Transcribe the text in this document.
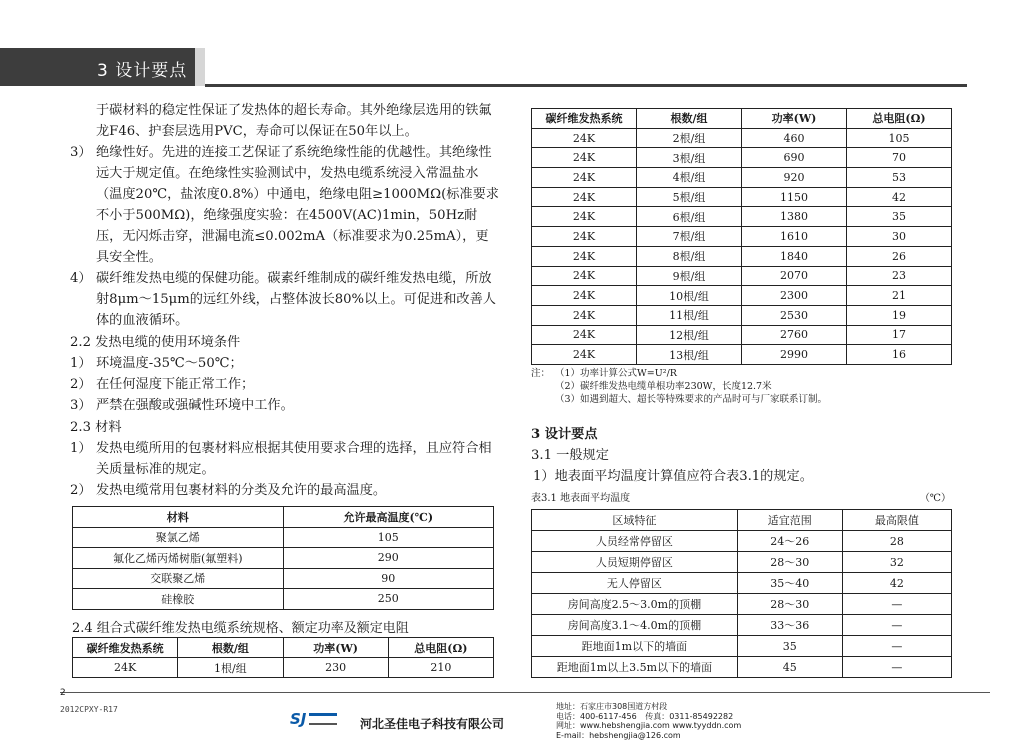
3 设计要点
于碳材料的稳定性保证了发热体的超长寿命。其外绝缘层选用的铁氟龙F46、护套层选用PVC，寿命可以保证在50年以上。
3） 绝缘性好。先进的连接工艺保证了系统绝缘性能的优越性。其绝缘性远大于规定值。在绝缘性实验测试中，发热电缆系统浸入常温盐水（温度20℃，盐浓度0.8%）中通电，绝缘电阻≥1000MΩ(标准要求不小于500MΩ)，绝缘强度实验：在4500V(AC)1min，50Hz耐压，无闪烁击穿，泄漏电流≤0.002mA（标准要求为0.25mA），更具安全性。
4） 碳纤维发热电缆的保健功能。碳素纤维制成的碳纤维发热电缆，所放射8μm～15μm的远红外线，占整体波长80%以上。可促进和改善人体的血液循环。
2.2 发热电缆的使用环境条件
1） 环境温度-35℃～50℃；
2） 在任何湿度下能正常工作；
3） 严禁在强酸或强碱性环境中工作。
2.3 材料
1） 发热电缆所用的包裹材料应根据其使用要求合理的选择，且应符合相关质量标准的规定。
2） 发热电缆常用包裹材料的分类及允许的最高温度。
材料	允许最高温度(℃)
聚氯乙烯	105
氟化乙烯丙烯树脂(氟塑料)	290
交联聚乙烯	90
硅橡胶	250
2.4 组合式碳纤维发热电缆系统规格、额定功率及额定电阻
碳纤维发热系统	根数/组	功率(W)	总电阻(Ω)
24K	1根/组	230	210
碳纤维发热系统	根数/组	功率(W)	总电阻(Ω)
24K	2根/组	460	105
24K	3根/组	690	70
24K	4根/组	920	53
24K	5根/组	1150	42
24K	6根/组	1380	35
24K	7根/组	1610	30
24K	8根/组	1840	26
24K	9根/组	2070	23
24K	10根/组	2300	21
24K	11根/组	2530	19
24K	12根/组	2760	17
24K	13根/组	2990	16
注： （1）功率计算公式W=U²/R
（2）碳纤维发热电缆单根功率230W，长度12.7米
（3）如遇到超大、超长等特殊要求的产品时可与厂家联系订制。
3 设计要点
3.1 一般规定
1）地表面平均温度计算值应符合表3.1的规定。
表3.1 地表面平均温度	（℃）
区域特征	适宜范围	最高限值
人员经常停留区	24～26	28
人员短期停留区	28～30	32
无人停留区	35～40	42
房间高度2.5～3.0m的顶棚	28～30	—
房间高度3.1～4.0m的顶棚	33～36	—
距地面1m以下的墙面	35	—
距地面1m以上3.5m以下的墙面	45	—
2
2012CPXY-R17
SJ	河北圣佳电子科技有限公司
地址：石家庄市308国道方村段
电话：400-6117-456 传真：0311-85492282
网址：www.hebshengjia.com www.tyyddn.com
E-mail：hebshengjia@126.com
